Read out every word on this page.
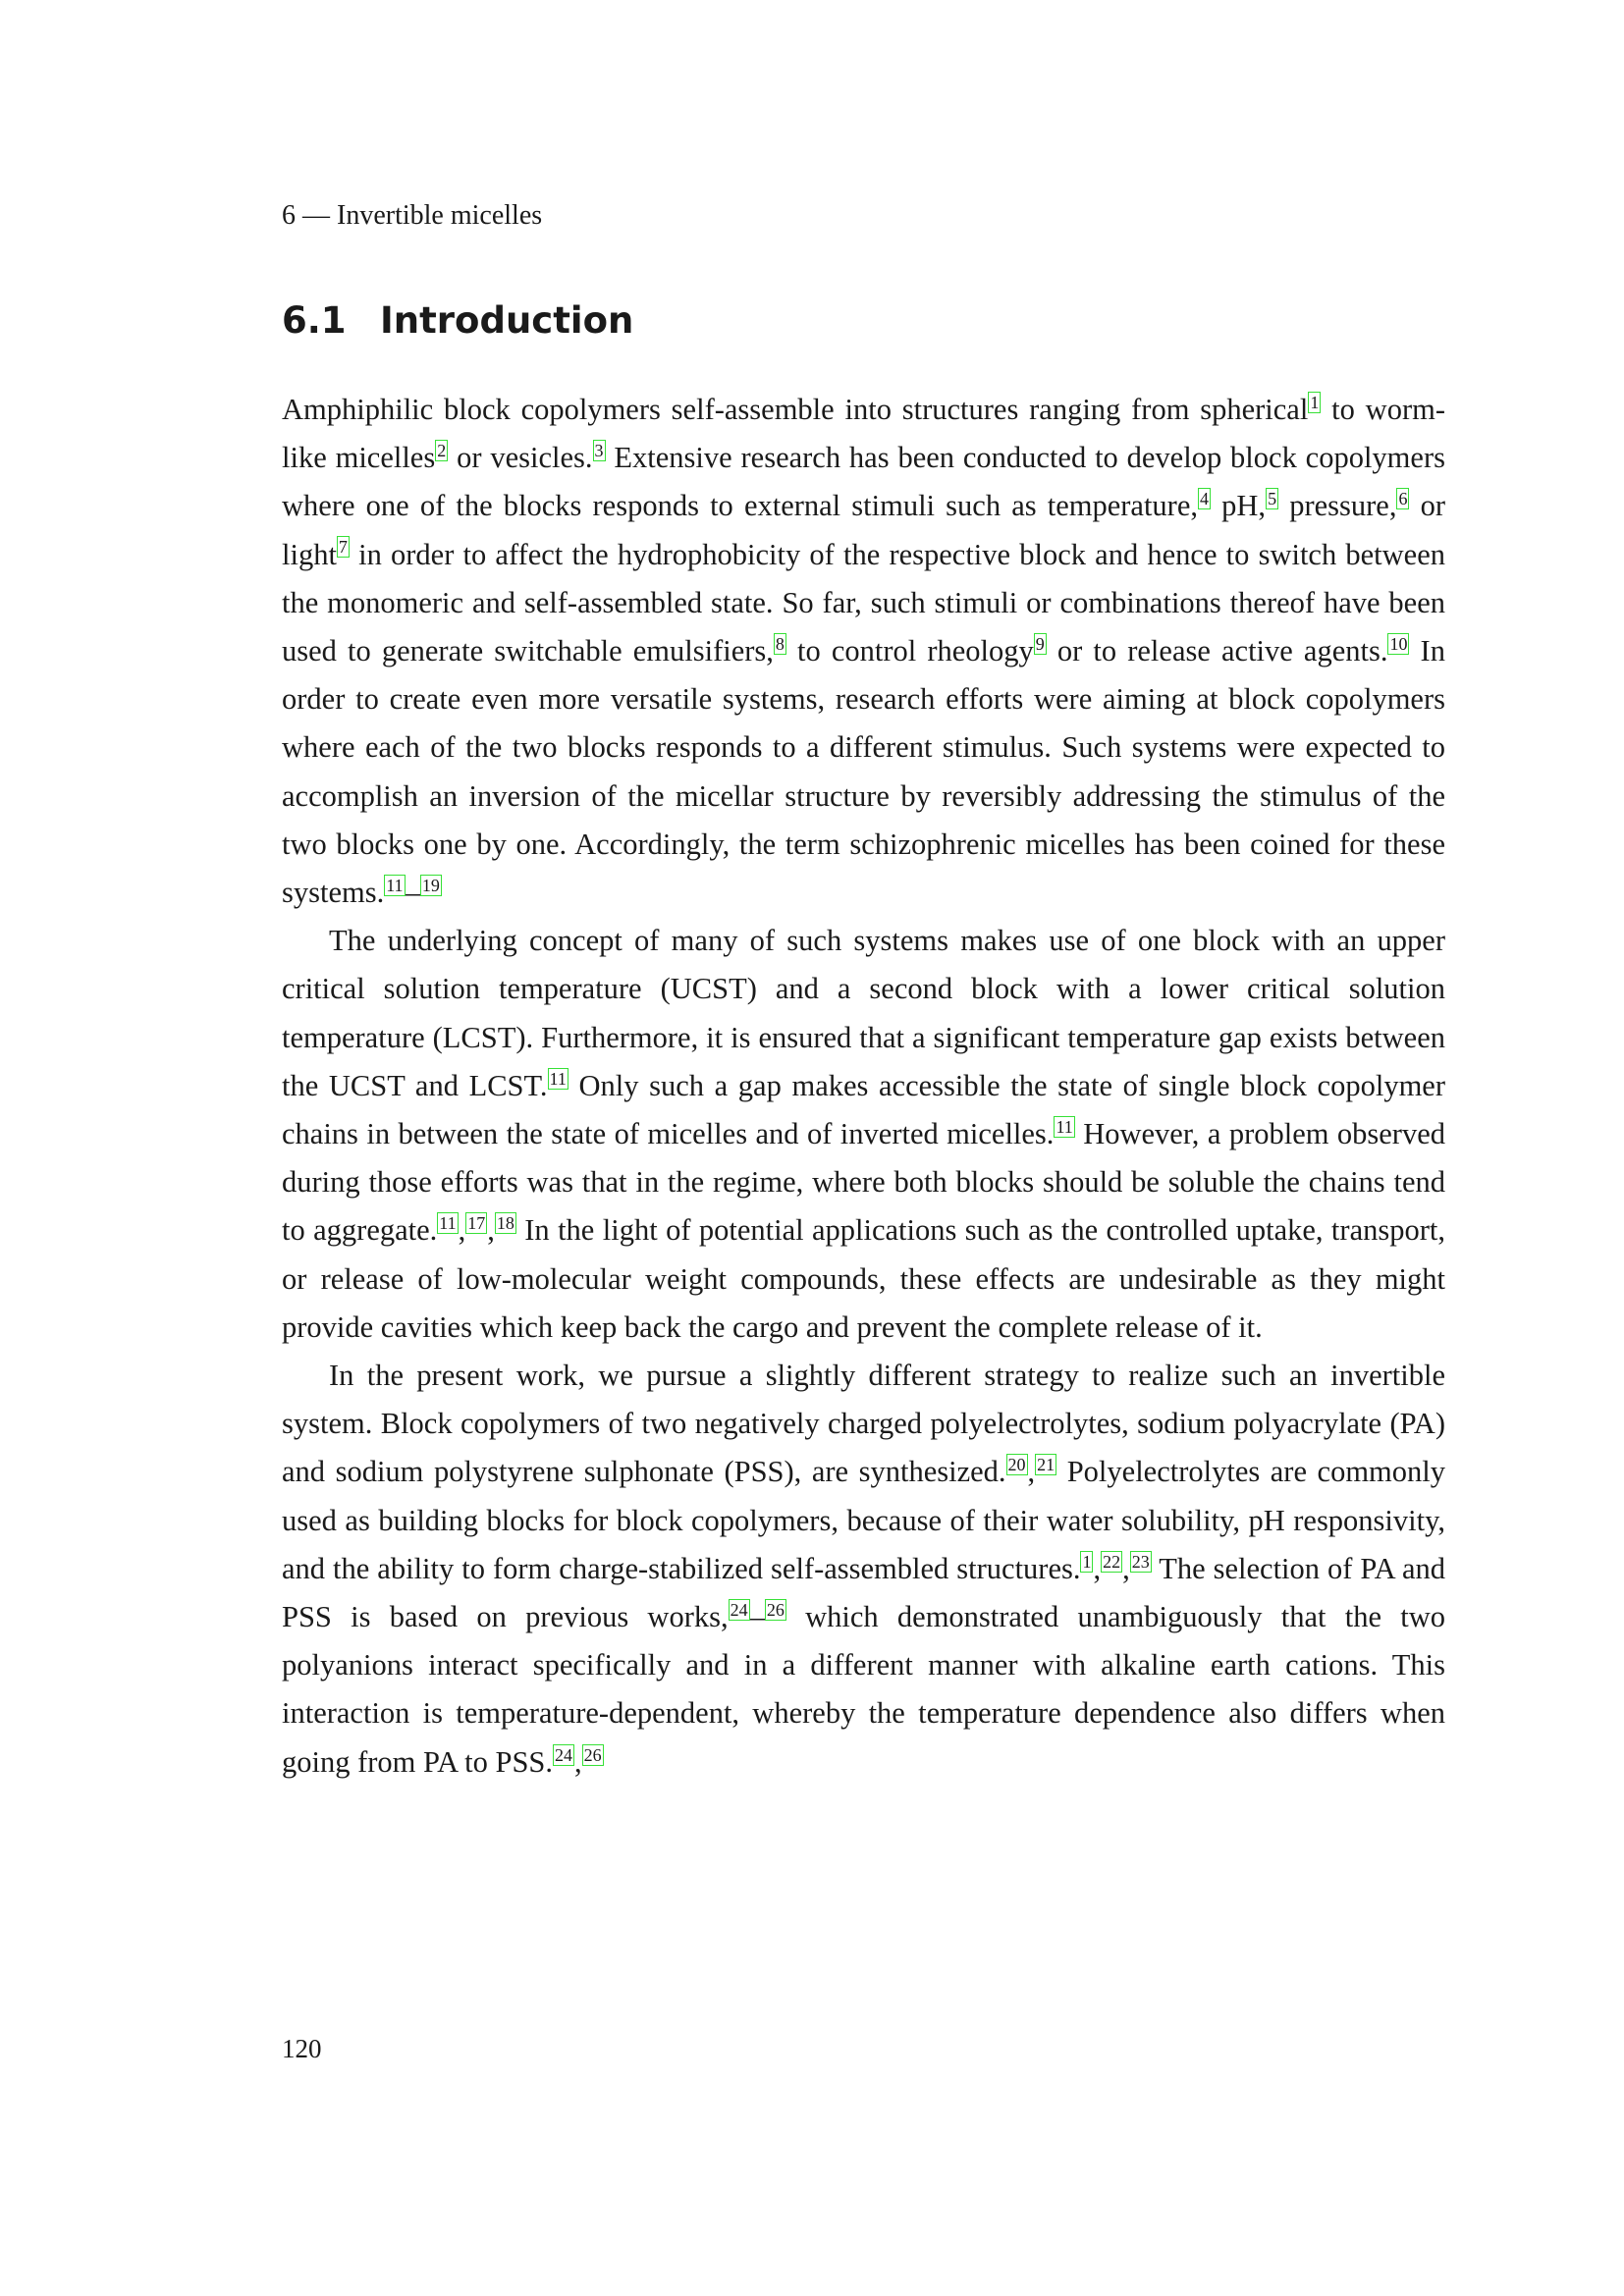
6 — Invertible micelles
6.1 Introduction

Amphiphilic block copolymers self-assemble into structures ranging from spherical $^1$ to worm-like micelles $^2$ or vesicles. $^3$ Extensive research has been conducted to develop block copolymers where one of the blocks responds to external stimuli such as temperature, $^4$ pH, $^5$ pressure, $^6$ or light $^7$ in order to affect the hydrophobicity of the respective block and hence to switch between the monomeric and self-assembled state. So far, such stimuli or combinations thereof have been used to generate switchable emulsifiers, $^8$ to control rheology $^9$ or to release active agents. $^{10}$ In order to create even more versatile systems, research efforts were aiming at block copolymers where each of the two blocks responds to a different stimulus. Such systems were expected to accomplish an inversion of the micellar structure by reversibly addressing the stimulus of the two blocks one by one. Accordingly, the term schizophrenic micelles has been coined for these systems. $^{11}$– $^{19}$

The underlying concept of many of such systems makes use of one block with an upper critical solution temperature (UCST) and a second block with a lower critical solution temperature (LCST). Furthermore, it is ensured that a significant temperature gap exists between the UCST and LCST. $^{11}$ Only such a gap makes accessible the state of single block copolymer chains in between the state of micelles and of inverted micelles. $^{11}$ However, a problem observed during those efforts was that in the regime, where both blocks should be soluble the chains tend to aggregate. $^{11}$, $^{17}$, $^{18}$ In the light of potential applications such as the controlled uptake, transport, or release of low-molecular weight compounds, these effects are undesirable as they might provide cavities which keep back the cargo and prevent the complete release of it.

In the present work, we pursue a slightly different strategy to realize such an invertible system. Block copolymers of two negatively charged polyelectrolytes, sodium polyacrylate (PA) and sodium polystyrene sulphonate (PSS), are synthesized. $^{20}$, $^{21}$ Polyelectrolytes are commonly used as building blocks for block copolymers, because of their water solubility, pH responsivity, and the ability to form charge-stabilized self-assembled structures. $^1$, $^{22}$, $^{23}$ The selection of PA and PSS is based on previous works, $^{24}$– $^{26}$ which demonstrated unambiguously that the two polyanions interact specifically and in a different manner with alkaline earth cations. This interaction is temperature-dependent, whereby the temperature dependence also differs when going from PA to PSS. $^{24}$, $^{26}$

120
